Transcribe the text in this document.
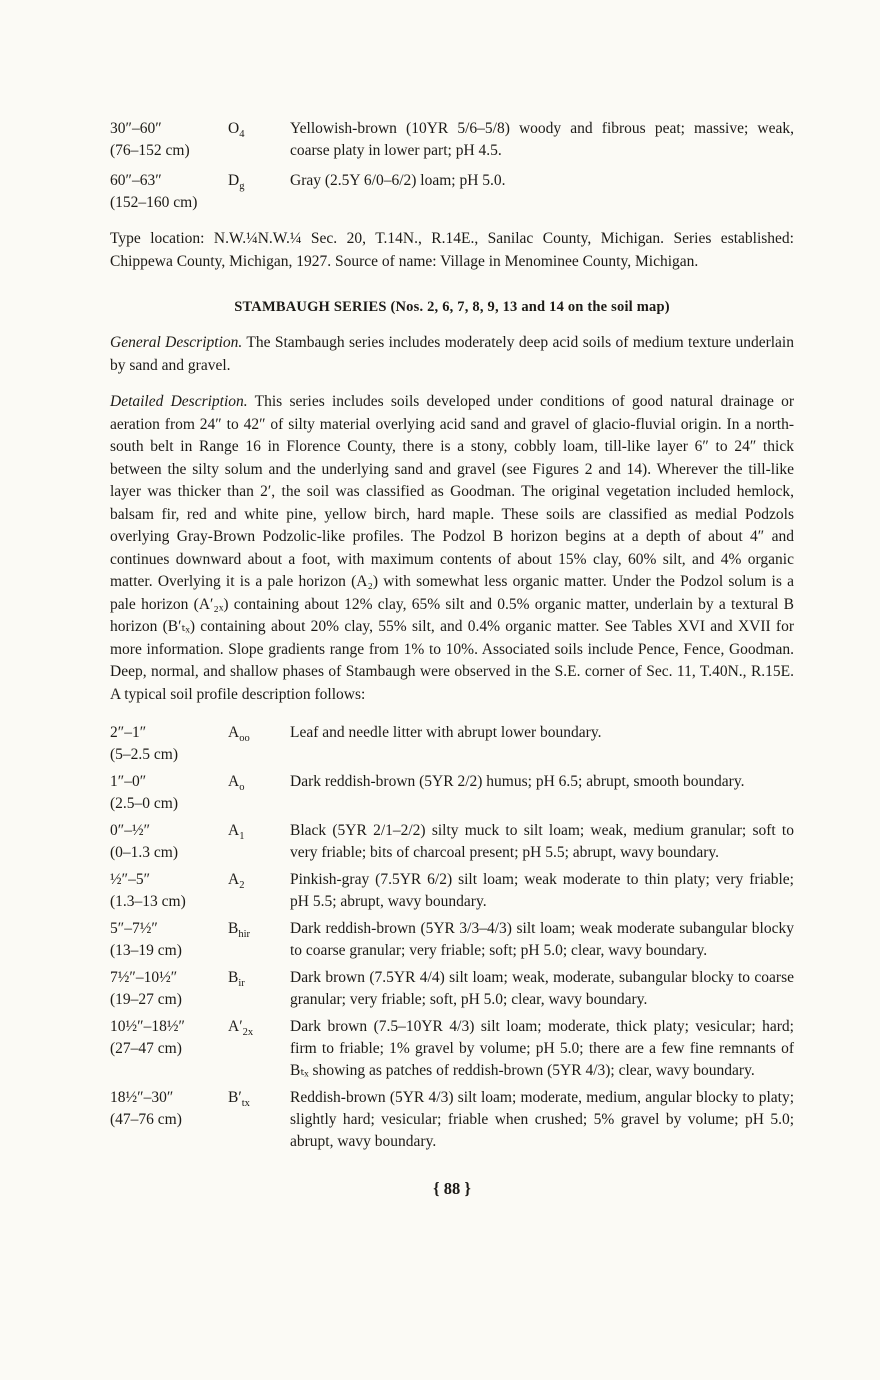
30″–60″
(76–152 cm)
$O_4$	Yellowish-brown (10YR 5/6–5/8) woody and fibrous peat; massive; weak, coarse platy in lower part; pH 4.5.
60″–63″
(152–160 cm)
$D_g$	Gray (2.5Y 6/0–6/2) loam; pH 5.0.

Type location: N.W.¼N.W.¼ Sec. 20, T.14N., R.14E., Sanilac County, Michigan. Series established: Chippewa County, Michigan, 1927. Source of name: Village in Menominee County, Michigan.

STAMBAUGH SERIES (Nos. 2, 6, 7, 8, 9, 13 and 14 on the soil map)

General Description. The Stambaugh series includes moderately deep acid soils of medium texture underlain by sand and gravel.

Detailed Description. This series includes soils developed under conditions of good natural drainage or aeration from 24″ to 42″ of silty material overlying acid sand and gravel of glacio-fluvial origin. In a north-south belt in Range 16 in Florence County, there is a stony, cobbly loam, till-like layer 6″ to 24″ thick between the silty solum and the underlying sand and gravel (see Figures 2 and 14). Wherever the till-like layer was thicker than 2′, the soil was classified as Goodman. The original vegetation included hemlock, balsam fir, red and white pine, yellow birch, hard maple. These soils are classified as medial Podzols overlying Gray-Brown Podzolic-like profiles. The Podzol B horizon begins at a depth of about 4″ and continues downward about a foot, with maximum contents of about 15% clay, 60% silt, and 4% organic matter. Overlying it is a pale horizon (A₂) with somewhat less organic matter. Under the Podzol solum is a pale horizon (A′₂ₓ) containing about 12% clay, 65% silt and 0.5% organic matter, underlain by a textural B horizon (B′ₜₓ) containing about 20% clay, 55% silt, and 0.4% organic matter. See Tables XVI and XVII for more information. Slope gradients range from 1% to 10%. Associated soils include Pence, Fence, Goodman. Deep, normal, and shallow phases of Stambaugh were observed in the S.E. corner of Sec. 11, T.40N., R.15E. A typical soil profile description follows:

2″–1″
(5–2.5 cm)
$A_{oo}$	Leaf and needle litter with abrupt lower boundary.
1″–0″
(2.5–0 cm)
$A_o$	Dark reddish-brown (5YR 2/2) humus; pH 6.5; abrupt, smooth boundary.
0″–½″
(0–1.3 cm)
$A_1$	Black (5YR 2/1–2/2) silty muck to silt loam; weak, medium granular; soft to very friable; bits of charcoal present; pH 5.5; abrupt, wavy boundary.
½″–5″
(1.3–13 cm)
$A_2$	Pinkish-gray (7.5YR 6/2) silt loam; weak moderate to thin platy; very friable; pH 5.5; abrupt, wavy boundary.
5″–7½″
(13–19 cm)
$B_{hir}$	Dark reddish-brown (5YR 3/3–4/3) silt loam; weak moderate subangular blocky to coarse granular; very friable; soft; pH 5.0; clear, wavy boundary.
7½″–10½″
(19–27 cm)
$B_{ir}$	Dark brown (7.5YR 4/4) silt loam; weak, moderate, subangular blocky to coarse granular; very friable; soft, pH 5.0; clear, wavy boundary.
10½″–18½″
(27–47 cm)
$A'_{2x}$	Dark brown (7.5–10YR 4/3) silt loam; moderate, thick platy; vesicular; hard; firm to friable; 1% gravel by volume; pH 5.0; there are a few fine remnants of Bₜₓ showing as patches of reddish-brown (5YR 4/3); clear, wavy boundary.
18½″–30″
(47–76 cm)
$B'_{tx}$	Reddish-brown (5YR 4/3) silt loam; moderate, medium, angular blocky to platy; slightly hard; vesicular; friable when crushed; 5% gravel by volume; pH 5.0; abrupt, wavy boundary.
{ 88 }
